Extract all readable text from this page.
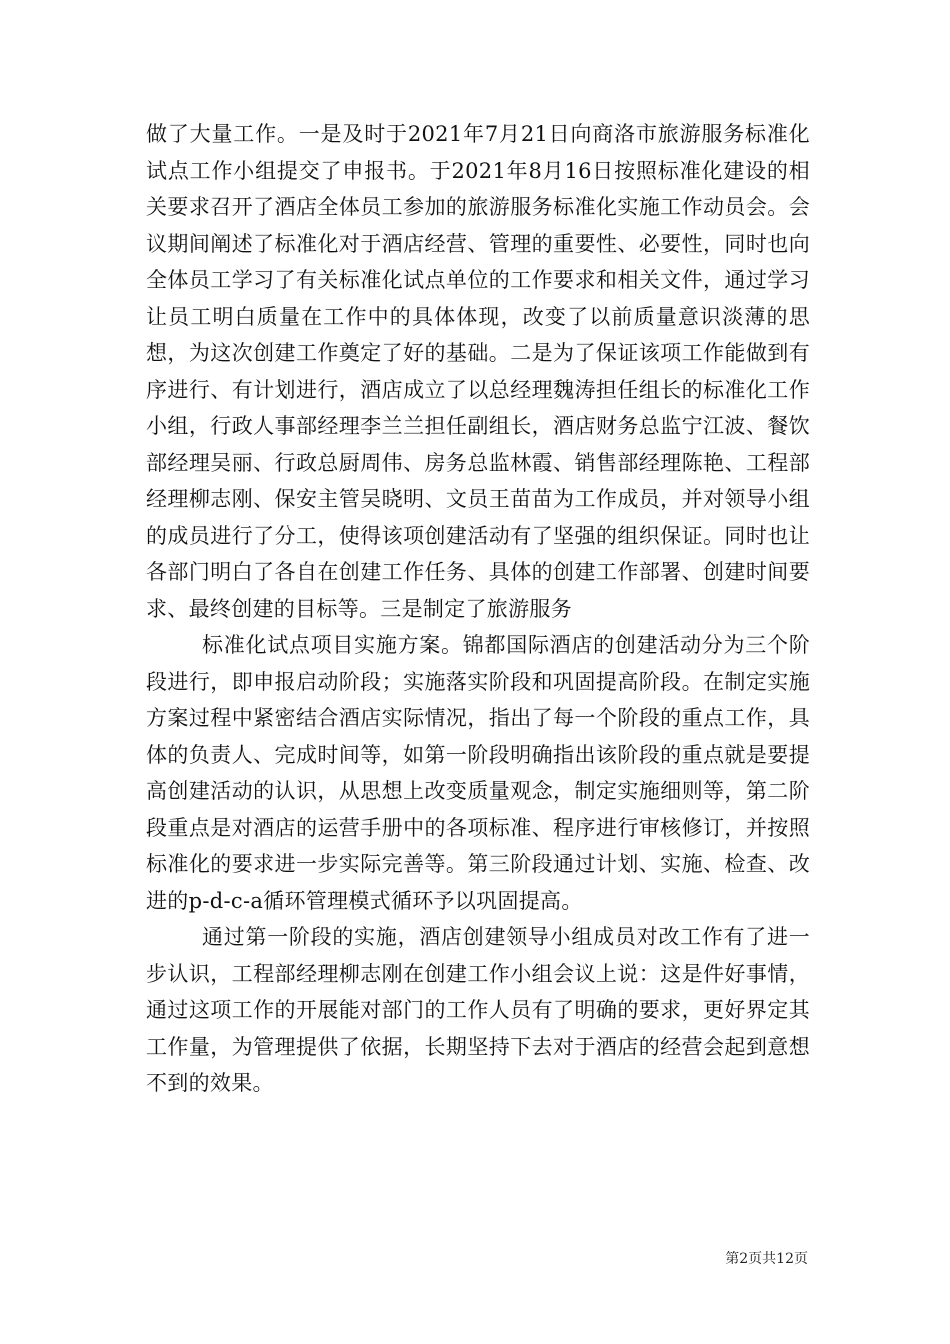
做了大量工作。一是及时于2021年7月21日向商洛市旅游服务标准化试点工作小组提交了申报书。于2021年8月16日按照标准化建设的相关要求召开了酒店全体员工参加的旅游服务标准化实施工作动员会。会议期间阐述了标准化对于酒店经营、管理的重要性、必要性，同时也向全体员工学习了有关标准化试点单位的工作要求和相关文件，通过学习让员工明白质量在工作中的具体体现，改变了以前质量意识淡薄的思想，为这次创建工作奠定了好的基础。二是为了保证该项工作能做到有序进行、有计划进行，酒店成立了以总经理魏涛担任组长的标准化工作小组，行政人事部经理李兰兰担任副组长，酒店财务总监宁江波、餐饮部经理吴丽、行政总厨周伟、房务总监林霞、销售部经理陈艳、工程部经理柳志刚、保安主管吴晓明、文员王苗苗为工作成员，并对领导小组的成员进行了分工，使得该项创建活动有了坚强的组织保证。同时也让各部门明白了各自在创建工作任务、具体的创建工作部署、创建时间要求、最终创建的目标等。三是制定了旅游服务

标准化试点项目实施方案。锦都国际酒店的创建活动分为三个阶段进行，即申报启动阶段；实施落实阶段和巩固提高阶段。在制定实施方案过程中紧密结合酒店实际情况，指出了每一个阶段的重点工作，具体的负责人、完成时间等，如第一阶段明确指出该阶段的重点就是要提高创建活动的认识，从思想上改变质量观念，制定实施细则等，第二阶段重点是对酒店的运营手册中的各项标准、程序进行审核修订，并按照标准化的要求进一步实际完善等。第三阶段通过计划、实施、检查、改进的p-d-c-a循环管理模式循环予以巩固提高。

通过第一阶段的实施，酒店创建领导小组成员对改工作有了进一步认识，工程部经理柳志刚在创建工作小组会议上说：这是件好事情，通过这项工作的开展能对部门的工作人员有了明确的要求，更好界定其工作量，为管理提供了依据，长期坚持下去对于酒店的经营会起到意想不到的效果。

第2页共12页
